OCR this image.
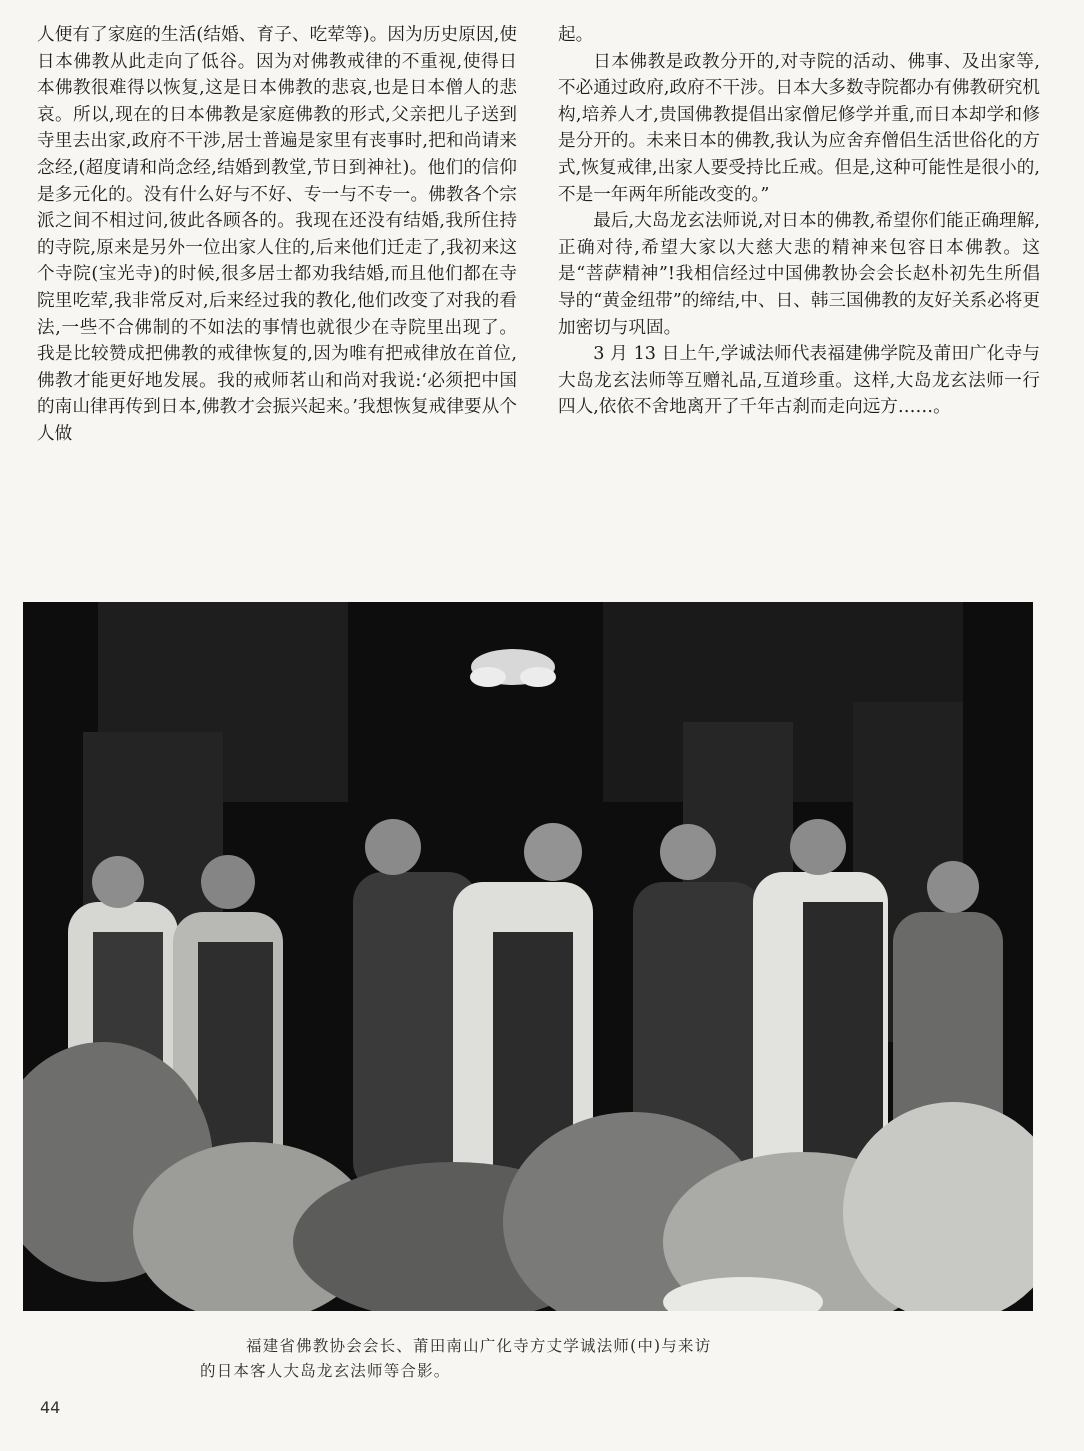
人便有了家庭的生活(结婚、育子、吃荤等)。因为历史原因,使日本佛教从此走向了低谷。因为对佛教戒律的不重视,使得日本佛教很难得以恢复,这是日本佛教的悲哀,也是日本僧人的悲哀。所以,现在的日本佛教是家庭佛教的形式,父亲把儿子送到寺里去出家,政府不干涉,居士普遍是家里有丧事时,把和尚请来念经,(超度请和尚念经,结婚到教堂,节日到神社)。他们的信仰是多元化的。没有什么好与不好、专一与不专一。佛教各个宗派之间不相过问,彼此各顾各的。我现在还没有结婚,我所住持的寺院,原来是另外一位出家人住的,后来他们迁走了,我初来这个寺院(宝光寺)的时候,很多居士都劝我结婚,而且他们都在寺院里吃荤,我非常反对,后来经过我的教化,他们改变了对我的看法,一些不合佛制的不如法的事情也就很少在寺院里出现了。我是比较赞成把佛教的戒律恢复的,因为唯有把戒律放在首位,佛教才能更好地发展。我的戒师茗山和尚对我说:‘必须把中国的南山律再传到日本,佛教才会振兴起来。’我想恢复戒律要从个人做

起。

日本佛教是政教分开的,对寺院的活动、佛事、及出家等,不必通过政府,政府不干涉。日本大多数寺院都办有佛教研究机构,培养人才,贵国佛教提倡出家僧尼修学并重,而日本却学和修是分开的。未来日本的佛教,我认为应舍弃僧侣生活世俗化的方式,恢复戒律,出家人要受持比丘戒。但是,这种可能性是很小的,不是一年两年所能改变的。”

最后,大岛龙玄法师说,对日本的佛教,希望你们能正确理解,正确对待,希望大家以大慈大悲的精神来包容日本佛教。这是“菩萨精神”!我相信经过中国佛教协会会长赵朴初先生所倡导的“黄金纽带”的缔结,中、日、韩三国佛教的友好关系必将更加密切与巩固。

3 月 13 日上午,学诚法师代表福建佛学院及莆田广化寺与大岛龙玄法师等互赠礼品,互道珍重。这样,大岛龙玄法师一行四人,依依不舍地离开了千年古刹而走向远方……。

福建省佛教协会会长、莆田南山广化寺方丈学诚法师(中)与来访
的日本客人大岛龙玄法师等合影。
44
